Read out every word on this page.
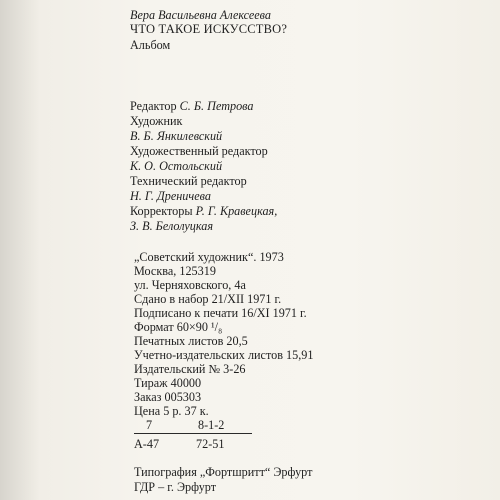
Вера Васильевна Алексеева
ЧТО ТАКОЕ ИСКУССТВО?
Альбом
Редактор С. Б. Петрова
Художник
В. Б. Янкилевский
Художественный редактор
К. О. Остольский
Технический редактор
Н. Г. Дреничева
Корректоры Р. Г. Кравецкая,
З. В. Белолуцкая
„Советский художник“. 1973
Москва, 125319
ул. Черняховского, 4а
Сдано в набор 21/XII 1971 г.
Подписано к печати 16/XI 1971 г.
Формат 60×90 ¹/₈
Печатных листов 20,5
Учетно-издательских листов 15,91
Издательский № 3-26
Тираж 40000
Заказ 005303
Цена 5 р. 37 к.
7	8-1-2
А-47	72-51
Типография „Фортшритт“ Эрфурт
ГДР – г. Эрфурт
